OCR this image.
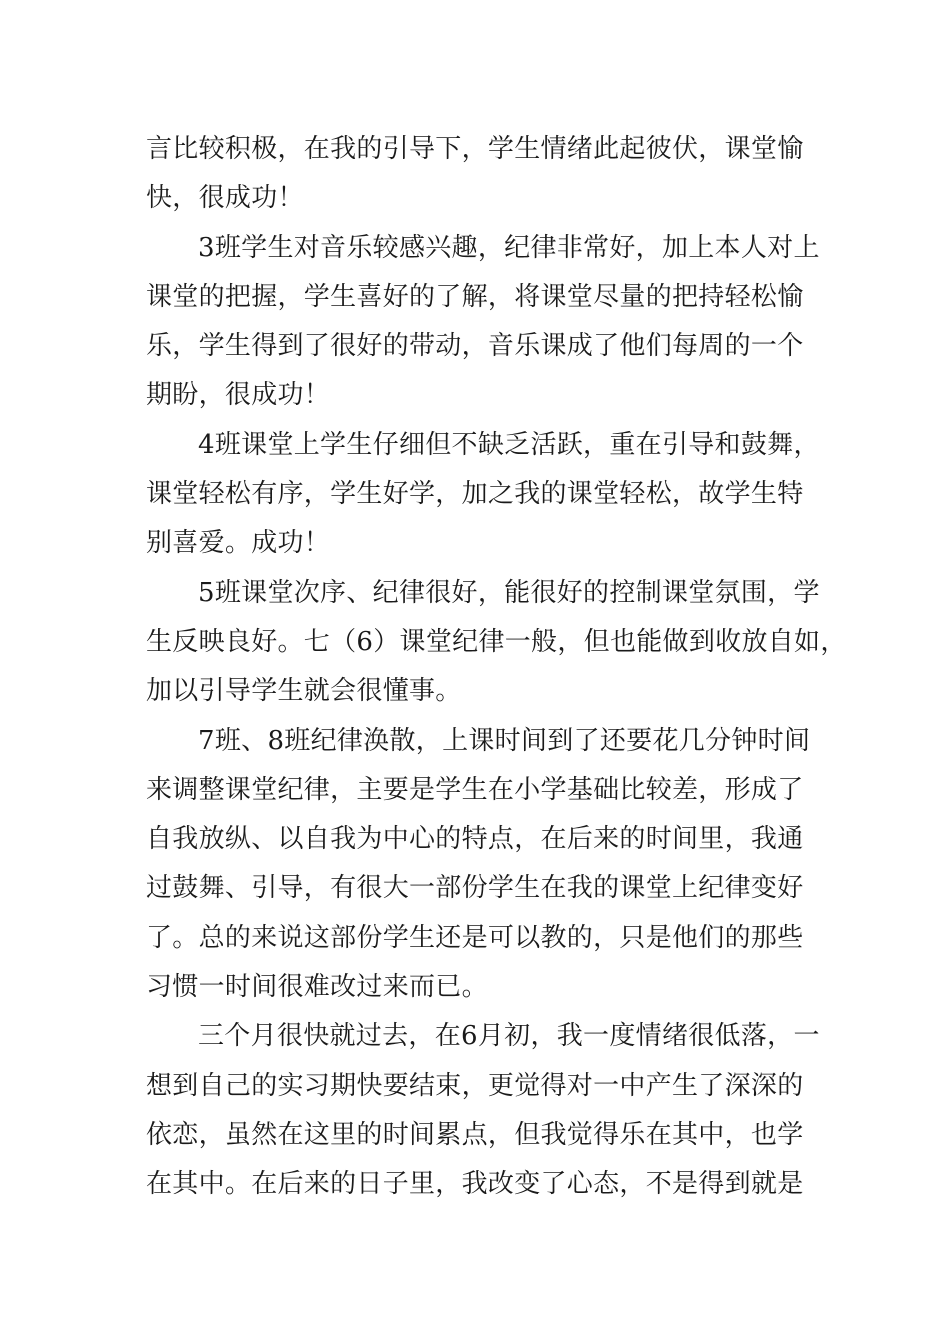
言比较积极，在我的引导下，学生情绪此起彼伏，课堂愉
快，很成功！
3班学生对音乐较感兴趣，纪律非常好，加上本人对上
课堂的把握，学生喜好的了解，将课堂尽量的把持轻松愉
乐，学生得到了很好的带动，音乐课成了他们每周的一个
期盼，很成功！
4班课堂上学生仔细但不缺乏活跃，重在引导和鼓舞，
课堂轻松有序，学生好学，加之我的课堂轻松，故学生特
别喜爱。成功！
5班课堂次序、纪律很好，能很好的控制课堂氛围，学
生反映良好。七（6）课堂纪律一般，但也能做到收放自如，
加以引导学生就会很懂事。
7班、8班纪律涣散，上课时间到了还要花几分钟时间
来调整课堂纪律，主要是学生在小学基础比较差，形成了
自我放纵、以自我为中心的特点，在后来的时间里，我通
过鼓舞、引导，有很大一部份学生在我的课堂上纪律变好
了。总的来说这部份学生还是可以教的，只是他们的那些
习惯一时间很难改过来而已。
三个月很快就过去，在6月初，我一度情绪很低落，一
想到自己的实习期快要结束，更觉得对一中产生了深深的
依恋，虽然在这里的时间累点，但我觉得乐在其中，也学
在其中。在后来的日子里，我改变了心态，不是得到就是
